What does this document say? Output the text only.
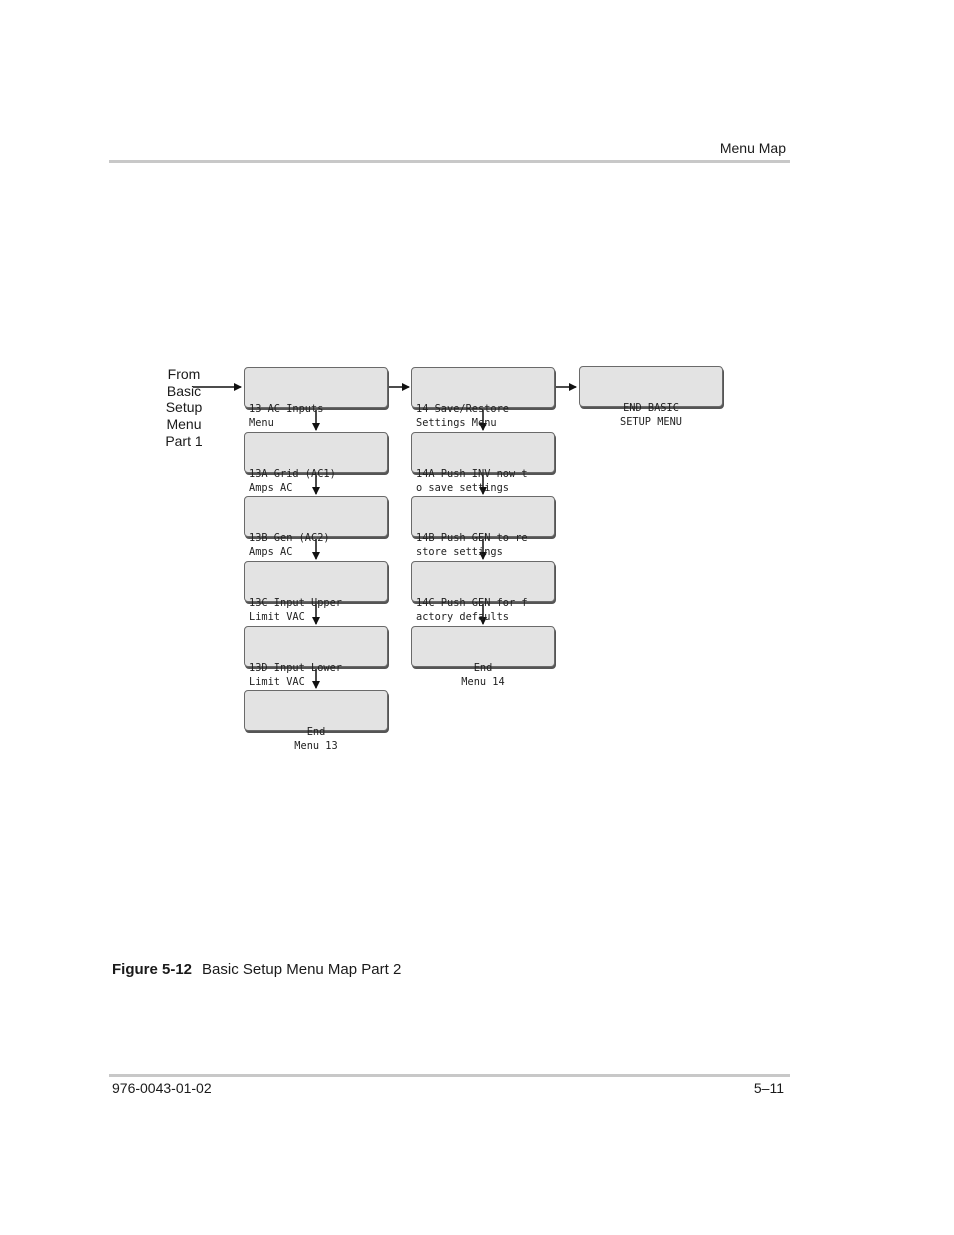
Menu Map
From
Basic
Setup
Menu
Part 1

13 AC Inputs
Menu

13A Grid (AC1)
Amps AC

13B Gen (AC2)
Amps AC

13C Input Upper
Limit VAC

13D Input Lower
Limit VAC

End
Menu 13

14 Save/Restore
Settings Menu

14A Push INV now t
o save settings

14B Push GEN to re
store settings

14C Push GEN for f
actory defaults

End
Menu 14

END BASIC
SETUP MENU

Figure 5-12 Basic Setup Menu Map Part 2
976-0043-01-02	5–11
